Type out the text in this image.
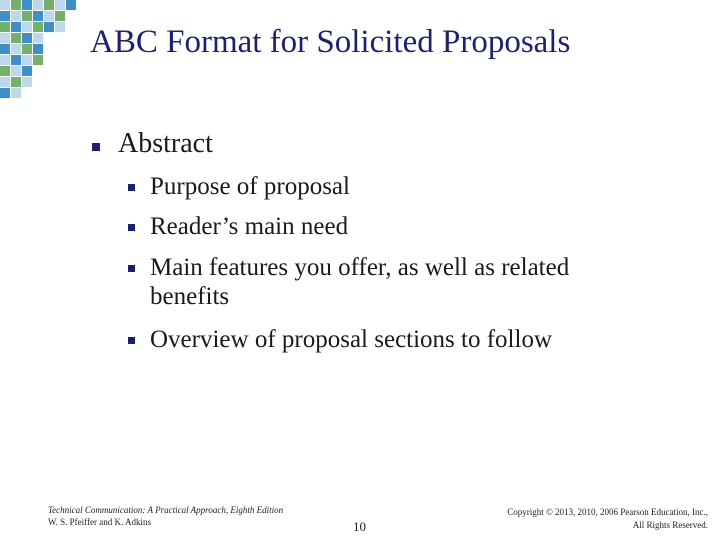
ABC Format for Solicited Proposals
Abstract
Purpose of proposal
Reader’s main need
Main features you offer, as well as related benefits
Overview of proposal sections to follow
Technical Communication: A Practical Approach, Eighth Edition
W. S. Pfeiffer and K. Adkins	10
Copyright © 2013, 2010, 2006 Pearson Education, Inc.,
All Rights Reserved.
